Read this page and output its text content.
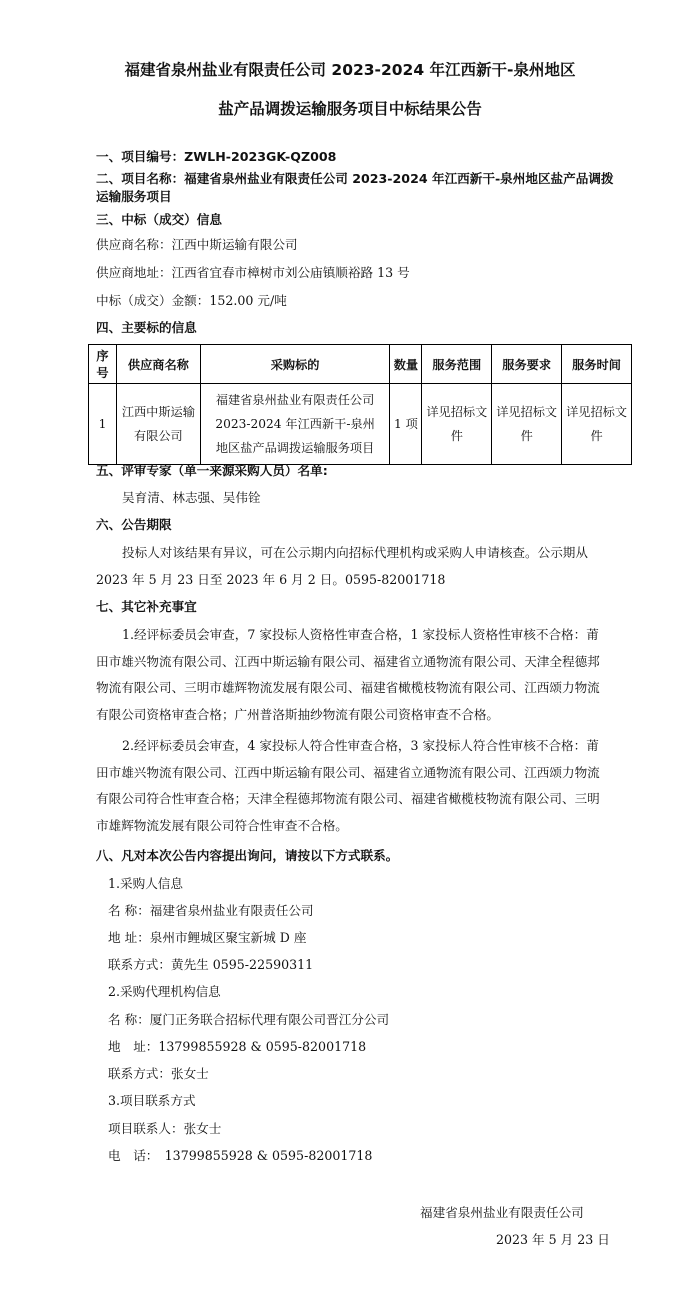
福建省泉州盐业有限责任公司 2023-2024 年江西新干-泉州地区
盐产品调拨运输服务项目中标结果公告
一、项目编号：ZWLH-2023GK-QZ008
二、项目名称：福建省泉州盐业有限责任公司 2023-2024 年江西新干-泉州地区盐产品调拨
运输服务项目
三、中标（成交）信息
供应商名称：江西中斯运输有限公司
供应商地址：江西省宜春市樟树市刘公庙镇顺裕路 13 号
中标（成交）金额：152.00 元/吨
四、主要标的信息
序号	供应商名称	采购标的	数量	服务范围	服务要求	服务时间
1	江西中斯运输有限公司	福建省泉州盐业有限责任公司 2023-2024 年江西新干-泉州地区盐产品调拨运输服务项目	1 项	详见招标文件	详见招标文件	详见招标文件
五、评审专家（单一来源采购人员）名单:
吴育清、林志强、吴伟铨
六、公告期限

投标人对该结果有异议，可在公示期内向招标代理机构或采购人申请核查。公示期从 2023 年 5 月 23 日至 2023 年 6 月 2 日。0595-82001718

七、其它补充事宜

1.经评标委员会审查，7 家投标人资格性审查合格，1 家投标人资格性审核不合格：莆田市雄兴物流有限公司、江西中斯运输有限公司、福建省立通物流有限公司、天津全程德邦物流有限公司、三明市雄辉物流发展有限公司、福建省橄榄枝物流有限公司、江西颂力物流有限公司资格审查合格；广州普洛斯抽纱物流有限公司资格审查不合格。

2.经评标委员会审查，4 家投标人符合性审查合格，3 家投标人符合性审核不合格：莆田市雄兴物流有限公司、江西中斯运输有限公司、福建省立通物流有限公司、江西颂力物流有限公司符合性审查合格；天津全程德邦物流有限公司、福建省橄榄枝物流有限公司、三明市雄辉物流发展有限公司符合性审查不合格。

八、凡对本次公告内容提出询问，请按以下方式联系。
1.采购人信息
名 称：福建省泉州盐业有限责任公司
地 址：泉州市鲤城区聚宝新城 D 座
联系方式：黄先生 0595-22590311
2.采购代理机构信息
名 称：厦门正务联合招标代理有限公司晋江分公司
地　址：13799855928 & 0595-82001718
联系方式：张女士
3.项目联系方式
项目联系人：张女士
电　话：　13799855928 & 0595-82001718
福建省泉州盐业有限责任公司
2023 年 5 月 23 日
